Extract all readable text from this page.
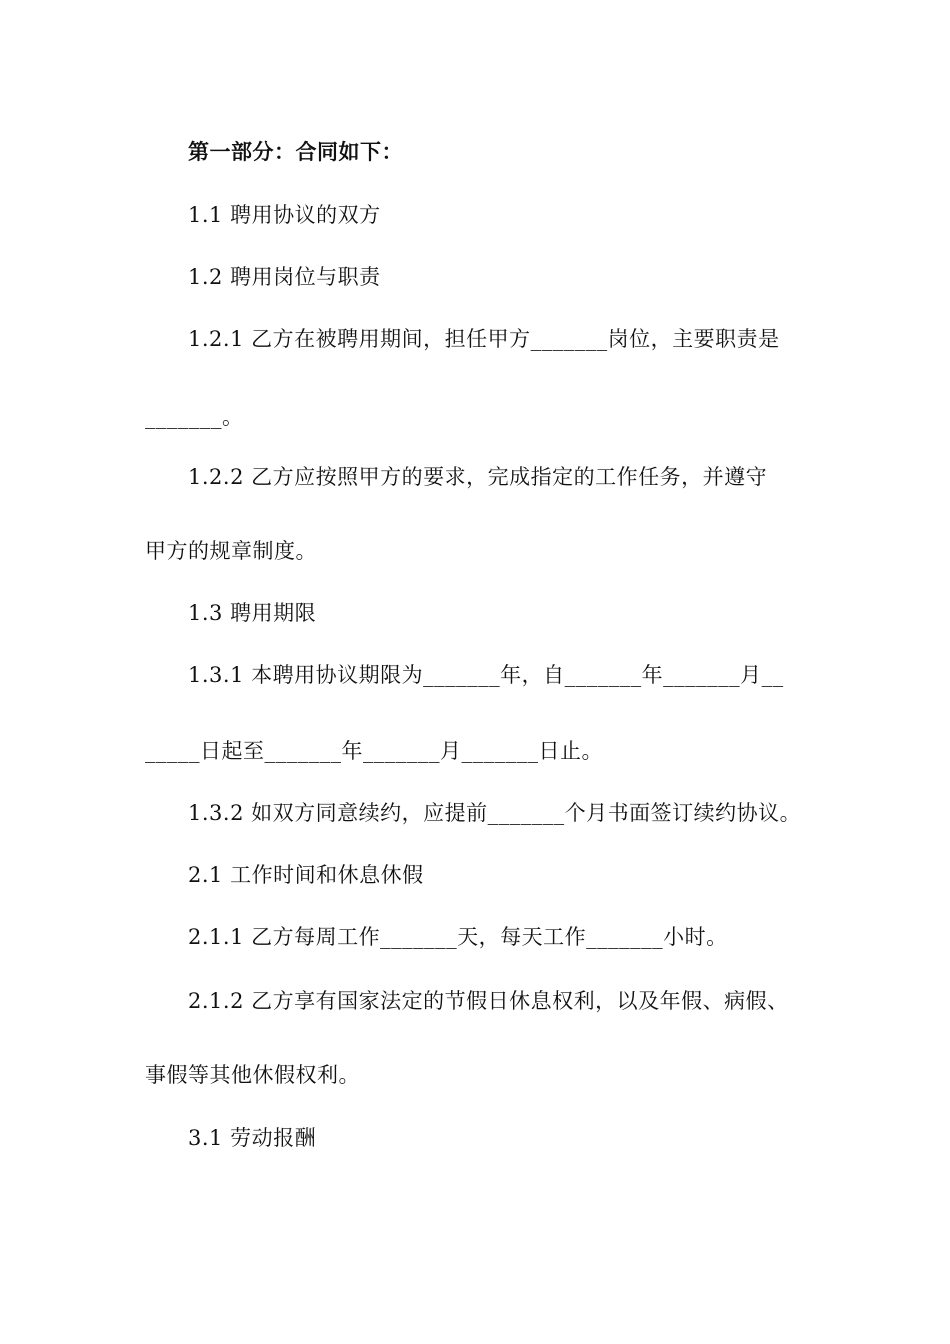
第一部分：合同如下：
1.1 聘用协议的双方
1.2 聘用岗位与职责
1.2.1 乙方在被聘用期间，担任甲方_______岗位，主要职责是
_______。
1.2.2 乙方应按照甲方的要求，完成指定的工作任务，并遵守
甲方的规章制度。
1.3 聘用期限
1.3.1 本聘用协议期限为_______年，自_______年_______月__
_____日起至_______年_______月_______日止。
1.3.2 如双方同意续约，应提前_______个月书面签订续约协议。
2.1 工作时间和休息休假
2.1.1 乙方每周工作_______天，每天工作_______小时。
2.1.2 乙方享有国家法定的节假日休息权利，以及年假、病假、
事假等其他休假权利。
3.1 劳动报酬
